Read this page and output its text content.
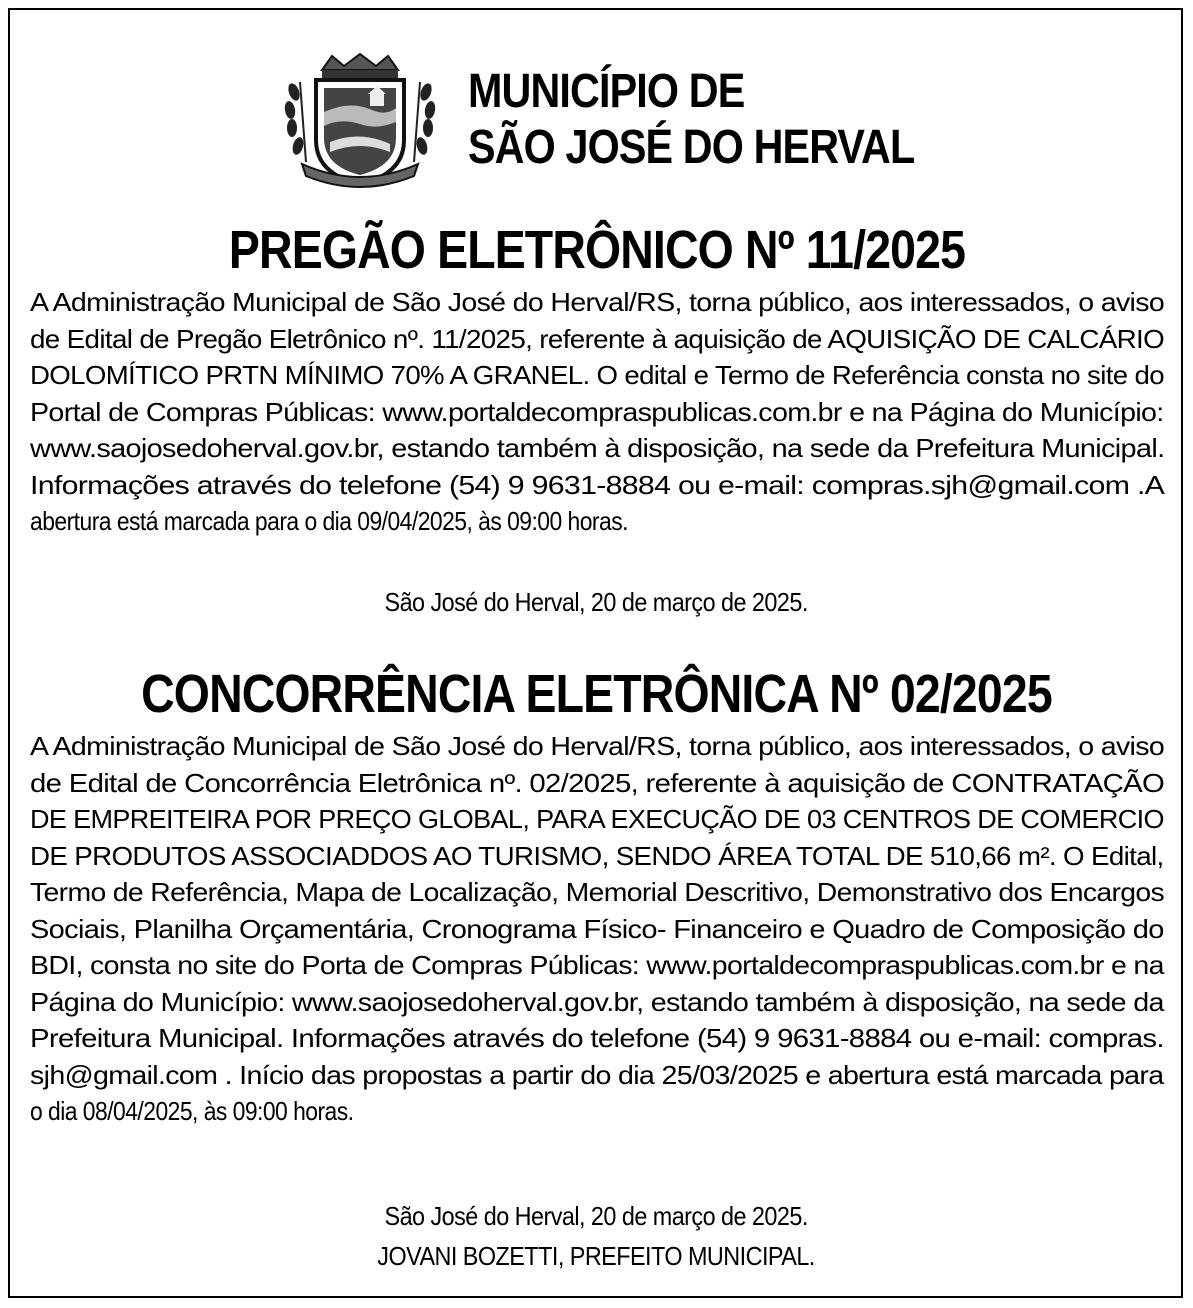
MUNICÍPIO DE
SÃO JOSÉ DO HERVAL
PREGÃO ELETRÔNICO Nº 11/2025
A Administração Municipal de São José do Herval/RS, torna público, aos interessados, o aviso
de Edital de Pregão Eletrônico nº. 11/2025, referente à aquisição de AQUISIÇÃO DE CALCÁRIO
DOLOMÍTICO PRTN MÍNIMO 70% A GRANEL. O edital e Termo de Referência consta no site do
Portal de Compras Públicas: www.portaldecompraspublicas.com.br e na Página do Município:
www.saojosedoherval.gov.br, estando também à disposição, na sede da Prefeitura Municipal.
Informações através do telefone (54) 9 9631-8884 ou e-mail: compras.sjh@gmail.com .A
abertura está marcada para o dia 09/04/2025, às 09:00 horas.
São José do Herval, 20 de março de 2025.
CONCORRÊNCIA ELETRÔNICA Nº 02/2025
A Administração Municipal de São José do Herval/RS, torna público, aos interessados, o aviso
de Edital de Concorrência Eletrônica nº. 02/2025, referente à aquisição de CONTRATAÇÃO
DE EMPREITEIRA POR PREÇO GLOBAL, PARA EXECUÇÃO DE 03 CENTROS DE COMERCIO
DE PRODUTOS ASSOCIADDOS AO TURISMO, SENDO ÁREA TOTAL DE 510,66 m². O Edital,
Termo de Referência, Mapa de Localização, Memorial Descritivo, Demonstrativo dos Encargos
Sociais, Planilha Orçamentária, Cronograma Físico- Financeiro e Quadro de Composição do
BDI, consta no site do Porta de Compras Públicas: www.portaldecompraspublicas.com.br e na
Página do Município: www.saojosedoherval.gov.br, estando também à disposição, na sede da
Prefeitura Municipal. Informações através do telefone (54) 9 9631-8884 ou e-mail: compras.
sjh@gmail.com . Início das propostas a partir do dia 25/03/2025 e abertura está marcada para
o dia 08/04/2025, às 09:00 horas.
São José do Herval, 20 de março de 2025.
JOVANI BOZETTI, PREFEITO MUNICIPAL.
